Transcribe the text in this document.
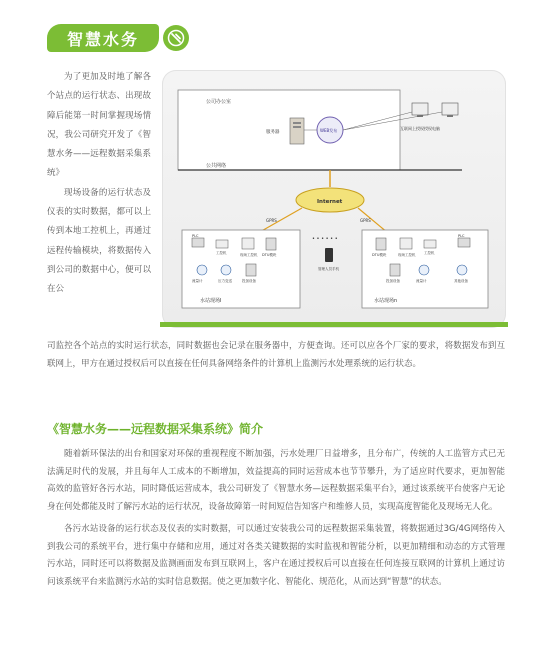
智慧水务

为了更加及时地了解各个站点的运行状态、出现故障后能第一时间掌握现场情况，我公司研究开发了《智慧水务——远程数据采集系统》

现场设备的运行状态及仪表的实时数据，都可以上传到本地工控机上，再通过远程传输模块，将数据传入到公司的数据中心，便可以在公

公司办公室
服务器	WEB发布	互联网上授权授权电脑
公共网络
Internet
GPRS	GPRS
水站现场I
PLC
工控机	现场工控机 DTU模块
流量计	压力变送	投加设备
水站现场n
DTU模块	现场工控机 工控机
PLC
投加设备	流量计	其他设备
管理人员手机
• • • • • •

司监控各个站点的实时运行状态，同时数据也会记录在服务器中，方便查询。还可以应各个厂家的要求，将数据发布到互联网上，甲方在通过授权后可以直接在任何具备网络条件的计算机上监测污水处理系统的运行状态。

《智慧水务——远程数据采集系统》简介

随着新环保法的出台和国家对环保的重视程度不断加强，污水处理厂日益增多，且分布广，传统的人工监管方式已无法满足时代的发展，并且每年人工成本的不断增加，效益提高的同时运营成本也节节攀升，为了适应时代要求，更加智能高效的监管好各污水站，同时降低运营成本，我公司研发了《智慧水务—远程数据采集平台》，通过该系统平台使客户无论身在何处都能及时了解污水站的运行状况，设备故障第一时间短信告知客户和维修人员，实现高度智能化及现场无人化。

各污水站设备的运行状态及仪表的实时数据，可以通过安装我公司的远程数据采集装置，将数据通过3G/4G网络传入到我公司的系统平台，进行集中存储和应用，通过对各类关键数据的实时监视和智能分析，以更加精细和动态的方式管理污水站，同时还可以将数据及监测画面发布到互联网上，客户在通过授权后可以直接在任何连接互联网的计算机上通过访问该系统平台来监测污水站的实时信息数据。使之更加数字化、智能化、规范化，从而达到“智慧”的状态。
